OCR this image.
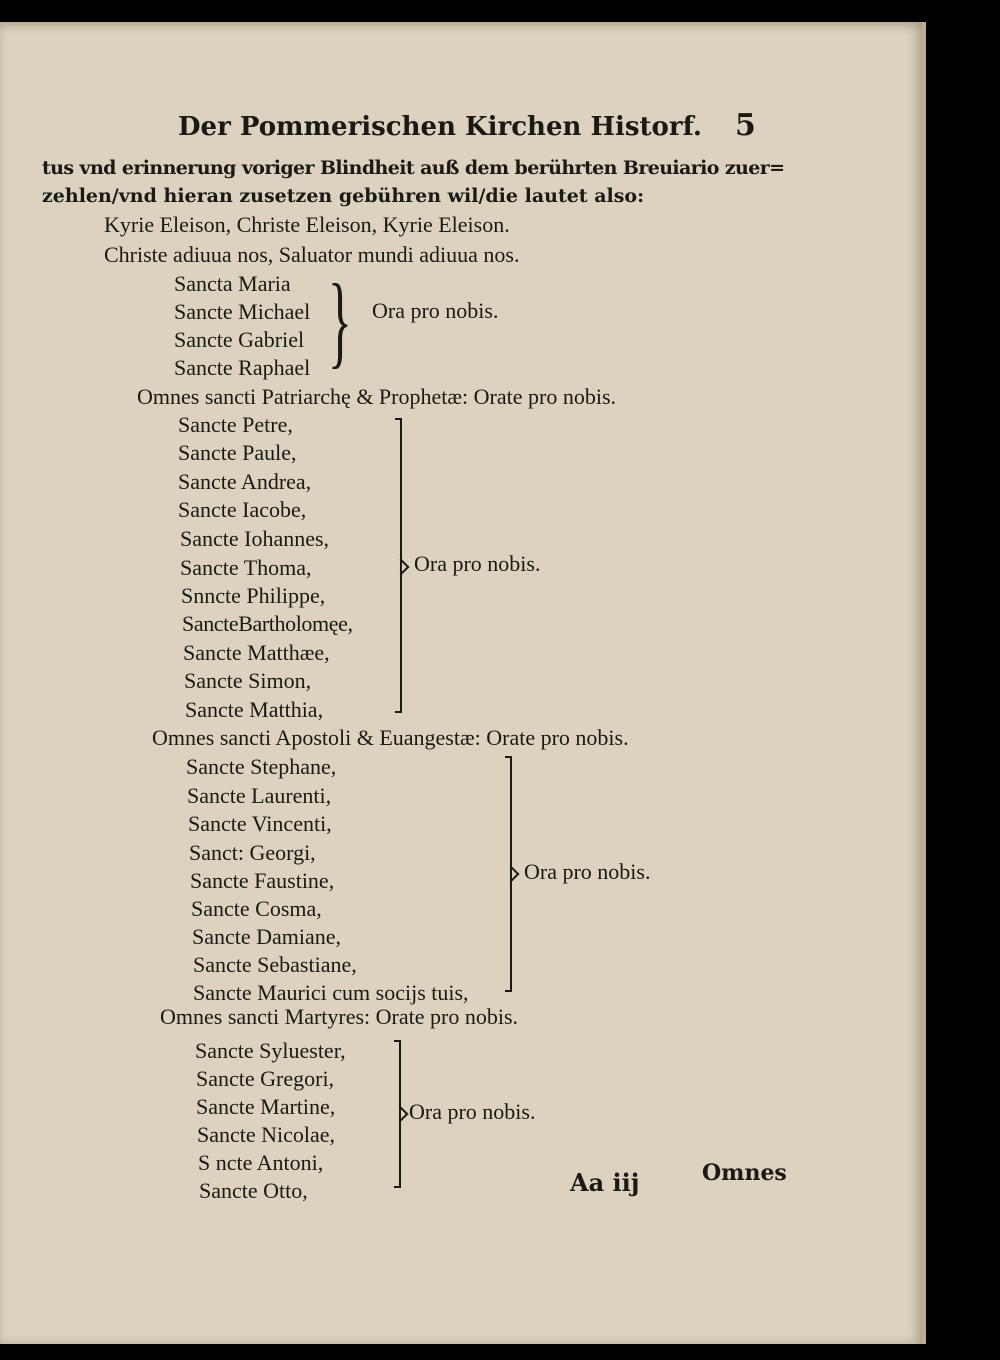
Der Pommerischen Kirchen Historf. 5
tus vnd erinnerung voriger Blindheit auß dem berührten Breuiario zuer=
zehlen/vnd hieran zusetzen gebühren wil/die lautet also:
Kyrie Eleison, Christe Eleison, Kyrie Eleison.
Christe adiuua nos, Saluator mundi adiuua nos.
Sancta Maria
Sancte Michael
Sancte Gabriel
Sancte Raphael } Ora pro nobis.
Omnes sancti Patriarchę & Prophetæ: Orate pro nobis.
Sancte Petre,
Sancte Paule,
Sancte Andrea,
Sancte Iacobe,
Sancte Iohannes,
Sancte Thoma,
Snncte Philippe,
SancteBartholomęe,
Sancte Matthæe,
Sancte Simon,
Sancte Matthia,
Ora pro nobis.
Omnes sancti Apostoli & Euangestæ: Orate pro nobis.
Sancte Stephane,
Sancte Laurenti,
Sancte Vincenti,
Sanct: Georgi,
Sancte Faustine,
Sancte Cosma,
Sancte Damiane,
Sancte Sebastiane,
Sancte Maurici cum socijs tuis,
Ora pro nobis.
Omnes sancti Martyres: Orate pro nobis.
Sancte Syluester,
Sancte Gregori,
Sancte Martine,
Sancte Nicolae,
S ncte Antoni,
Sancte Otto,
Ora pro nobis.
Aa iij	Omnes
